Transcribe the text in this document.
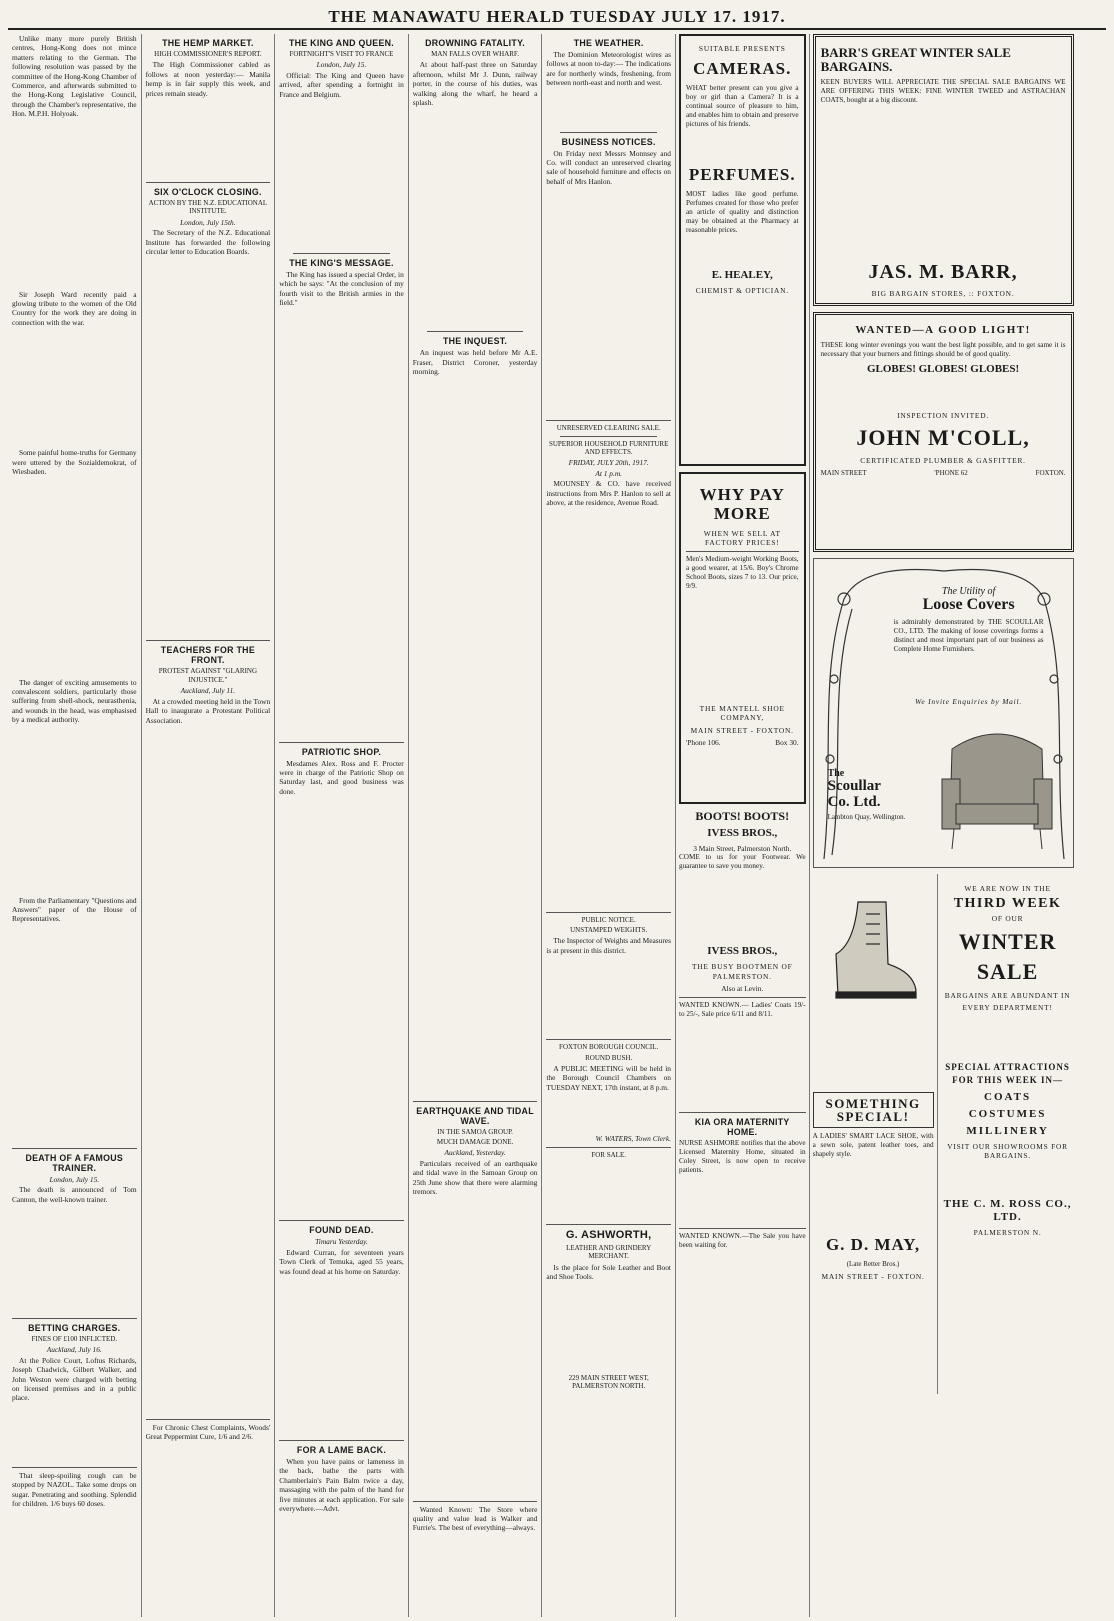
THE MANAWATU HERALD TUESDAY JULY 17. 1917.

Unlike many more purely British centres, Hong-Kong does not mince matters relating to the German. The following resolution was passed by the committee of the Hong-Kong Chamber of Commerce, and afterwards submitted to the Hong-Kong Legislative Council, through the Chamber's representative, the Hon. M.P.H. Holyoak.

Sir Joseph Ward recently paid a glowing tribute to the women of the Old Country for the work they are doing in connection with the war.

Some painful home-truths for Germany were uttered by the Sozialdemokrat, of Wiesbaden.

The danger of exciting amusements to convalescent soldiers, particularly those suffering from shell-shock, neurasthenia, and wounds in the head, was emphasised by a medical authority.

From the Parliamentary "Questions and Answers" paper of the House of Representatives.

DEATH OF A FAMOUS TRAINER.
London, July 15.

The death is announced of Tom Cannon, the well-known trainer.

BETTING CHARGES.
FINES OF £100 INFLICTED.
Auckland, July 16.

At the Police Court, Loftus Richards, Joseph Chadwick, Gilbert Walker, and John Weston were charged with betting on licensed premises and in a public place.

That sleep-spoiling cough can be stopped by NAZOL. Take some drops on sugar. Penetrating and soothing. Splendid for children. 1/6 buys 60 doses.

THE HEMP MARKET.
HIGH COMMISSIONER'S REPORT.

The High Commissioner cabled as follows at noon yesterday:— Manila hemp is in fair supply this week, and prices remain steady.

SIX O'CLOCK CLOSING.
ACTION BY THE N.Z. EDUCATIONAL INSTITUTE.
London, July 15th.

The Secretary of the N.Z. Educational Institute has forwarded the following circular letter to Education Boards.

TEACHERS FOR THE FRONT.
PROTEST AGAINST "GLARING INJUSTICE."
Auckland, July 11.

At a crowded meeting held in the Town Hall to inaugurate a Protestant Political Association.

For Chronic Chest Complaints, Woods' Great Peppermint Cure, 1/6 and 2/6.

THE KING AND QUEEN.
FORTNIGHT'S VISIT TO FRANCE
London, July 15.

Official: The King and Queen have arrived, after spending a fortnight in France and Belgium.

THE KING'S MESSAGE.

The King has issued a special Order, in which he says: "At the conclusion of my fourth visit to the British armies in the field."

PATRIOTIC SHOP.

Mesdames Alex. Ross and F. Procter were in charge of the Patriotic Shop on Saturday last, and good business was done.

FOUND DEAD.
Timaru Yesterday.

Edward Curran, for seventeen years Town Clerk of Temuka, aged 55 years, was found dead at his home on Saturday.

FOR A LAME BACK.

When you have pains or lameness in the back, bathe the parts with Chamberlain's Pain Balm twice a day, massaging with the palm of the hand for five minutes at each application. For sale everywhere.—Advt.

DROWNING FATALITY.
MAN FALLS OVER WHARF.

At about half-past three on Saturday afternoon, whilst Mr J. Dunn, railway porter, in the course of his duties, was walking along the wharf, he heard a splash.

THE INQUEST.

An inquest was held before Mr A.E. Fraser, District Coroner, yesterday morning.

EARTHQUAKE AND TIDAL WAVE.
IN THE SAMOA GROUP.
MUCH DAMAGE DONE.
Auckland, Yesterday.

Particulars received of an earthquake and tidal wave in the Samoan Group on 25th June show that there were alarming tremors.

Wanted Known: The Store where quality and value lead is Walker and Furrie's. The best of everything—always.

THE WEATHER.

The Dominion Meteorologist wires as follows at noon to-day:— The indications are for northerly winds, freshening, from between north-east and north and west.

BUSINESS NOTICES.

On Friday next Messrs Monnsey and Co. will conduct an unreserved clearing sale of household furniture and effects on behalf of Mrs Hanlon.

UNRESERVED CLEARING SALE.
SUPERIOR HOUSEHOLD FURNITURE AND EFFECTS.
FRIDAY, JULY 20th, 1917.
At 1 p.m.

MOUNSEY & CO. have received instructions from Mrs P. Hanlon to sell at above, at the residence, Avenue Road.

PUBLIC NOTICE.
UNSTAMPED WEIGHTS.

The Inspector of Weights and Measures is at present in this district.

FOXTON BOROUGH COUNCIL.
ROUND BUSH.

A PUBLIC MEETING will be held in the Borough Council Chambers on TUESDAY NEXT, 17th instant, at 8 p.m.

W. WATERS, Town Clerk.
FOR SALE.
G. ASHWORTH,
LEATHER AND GRINDERY MERCHANT.

Is the place for Sole Leather and Boot and Shoe Tools.

229 MAIN STREET WEST, PALMERSTON NORTH.
SUITABLE PRESENTS
CAMERAS.

WHAT better present can you give a boy or girl than a Camera? It is a continual source of pleasure to him, and enables him to obtain and preserve pictures of his friends.

PERFUMES.

MOST ladies like good perfume. Perfumes created for those who prefer an article of quality and distinction may be obtained at the Pharmacy at reasonable prices.

E. HEALEY,
CHEMIST & OPTICIAN.
WHY PAY MORE
WHEN WE SELL AT FACTORY PRICES!

Men's Medium-weight Working Boots, a good wearer, at 15/6. Boy's Chrome School Boots, sizes 7 to 13. Our price, 9/9.

THE MANTELL SHOE COMPANY,
MAIN STREET - FOXTON.
'Phone 106.	Box 30.
BOOTS! BOOTS!
IVESS BROS.,
3 Main Street, Palmerston North.

COME to us for your Footwear. We guarantee to save you money.

IVESS BROS.,
THE BUSY BOOTMEN OF PALMERSTON.
Also at Levin.

WANTED KNOWN.— Ladies' Coats 19/- to 25/-, Sale price 6/11 and 8/11.

KIA ORA MATERNITY HOME.

NURSE ASHMORE notifies that the above Licensed Maternity Home, situated in Coley Street, is now open to receive patients.

WANTED KNOWN.—The Sale you have been waiting for.

BARR'S GREAT WINTER SALE BARGAINS.

KEEN BUYERS WILL APPRECIATE THE SPECIAL SALE BARGAINS WE ARE OFFERING THIS WEEK: FINE WINTER TWEED and ASTRACHAN COATS, bought at a big discount.

JAS. M. BARR,
BIG BARGAIN STORES, :: FOXTON.
WANTED—A GOOD LIGHT!

THESE long winter evenings you want the best light possible, and to get same it is necessary that your burners and fittings should be of good quality.

GLOBES! GLOBES! GLOBES!
INSPECTION INVITED.
JOHN M'COLL,
CERTIFICATED PLUMBER & GASFITTER.
MAIN STREET	'PHONE 62	FOXTON.
The Utility of
Loose Covers

is admirably demonstrated by THE SCOULLAR CO., LTD. The making of loose coverings forms a distinct and most important part of our business as Complete Home Furnishers.

We Invite Enquiries by Mail.
The
Scoullar
Co. Ltd.
Lambton Quay, Wellington.
SOMETHING SPECIAL!

A LADIES' SMART LACE SHOE, with a sewn sole, patent leather toes, and shapely style.

G. D. MAY,
(Late Retter Bros.)
MAIN STREET - FOXTON.
WE ARE NOW IN THE
THIRD WEEK
OF OUR
WINTER
SALE
BARGAINS ARE ABUNDANT IN EVERY DEPARTMENT!
SPECIAL ATTRACTIONS FOR THIS WEEK IN—
COATS
COSTUMES
MILLINERY
VISIT OUR SHOWROOMS FOR BARGAINS.
THE C. M. ROSS CO., LTD.
PALMERSTON N.
